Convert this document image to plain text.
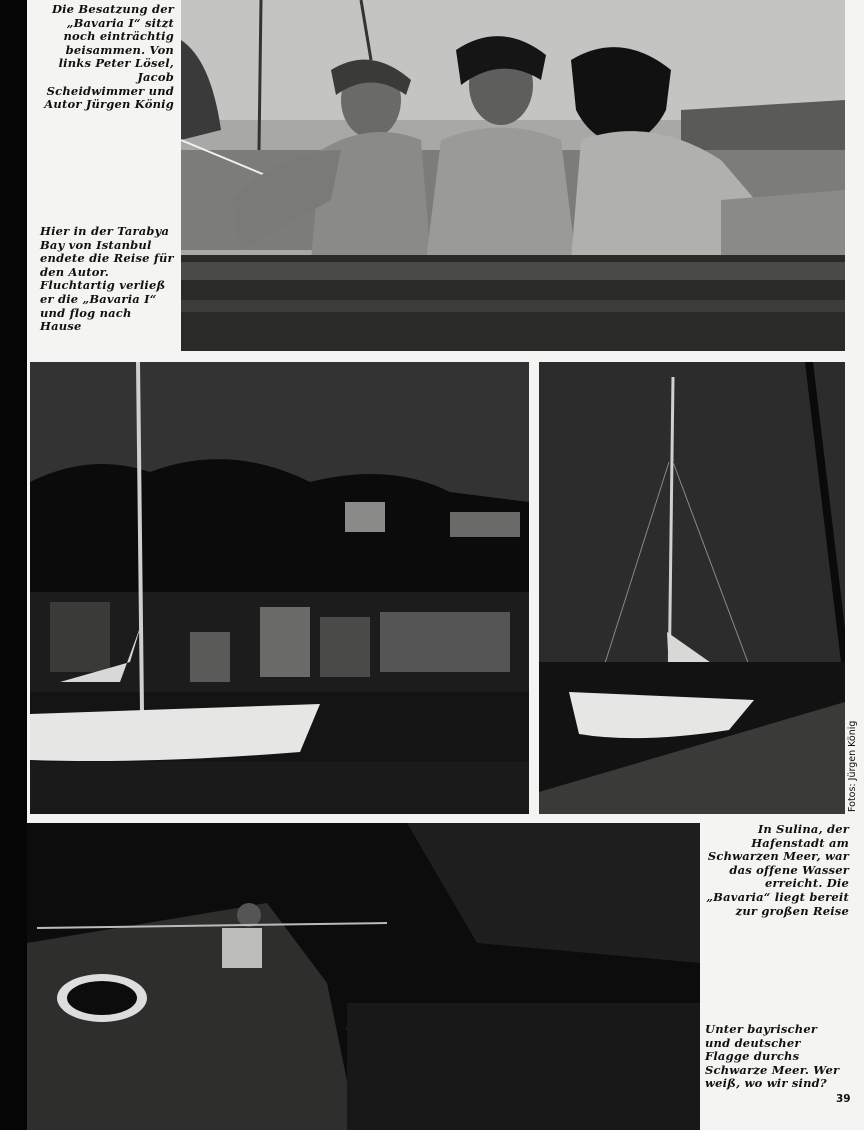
Die Besatzung der „Bavaria I“ sitzt noch einträchtig beisammen. Von links Peter Lösel, Jacob Scheidwimmer und Autor Jürgen König
Hier in der Tarabya Bay von Istanbul endete die Reise für den Autor. Fluchtartig verließ er die „Bavaria I“ und flog nach Hause
In Sulina, der Hafenstadt am Schwarzen Meer, war das offene Wasser erreicht. Die „Bavaria“ liegt bereit zur großen Reise
Unter bayrischer und deutscher Flagge durchs Schwarze Meer. Wer weiß, wo wir sind?
Fotos: Jürgen König
39
